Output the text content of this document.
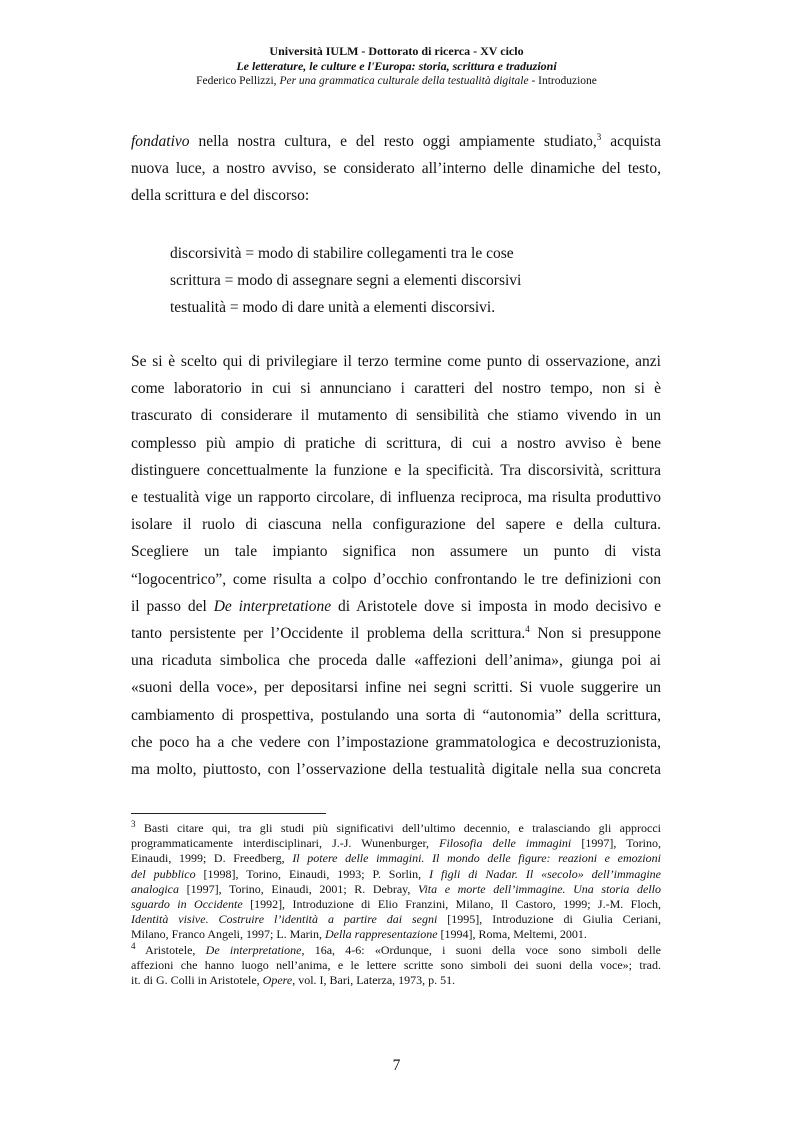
Università IULM - Dottorato di ricerca - XV ciclo
Le letterature, le culture e l'Europa: storia, scrittura e traduzioni
Federico Pellizzi, Per una grammatica culturale della testualità digitale - Introduzione
fondativo nella nostra cultura, e del resto oggi ampiamente studiato,$^3$ acquista
nuova luce, a nostro avviso, se considerato all’interno delle dinamiche del testo,
della scrittura e del discorso:
discorsività = modo di stabilire collegamenti tra le cose
scrittura = modo di assegnare segni a elementi discorsivi
testualità = modo di dare unità a elementi discorsivi.
Se si è scelto qui di privilegiare il terzo termine come punto di osservazione, anzi
come laboratorio in cui si annunciano i caratteri del nostro tempo, non si è
trascurato di considerare il mutamento di sensibilità che stiamo vivendo in un
complesso più ampio di pratiche di scrittura, di cui a nostro avviso è bene
distinguere concettualmente la funzione e la specificità. Tra discorsività, scrittura
e testualità vige un rapporto circolare, di influenza reciproca, ma risulta produttivo
isolare il ruolo di ciascuna nella configurazione del sapere e della cultura.
Scegliere un tale impianto significa non assumere un punto di vista
“logocentrico”, come risulta a colpo d’occhio confrontando le tre definizioni con
il passo del De interpretatione di Aristotele dove si imposta in modo decisivo e
tanto persistente per l’Occidente il problema della scrittura.$^4$ Non si presuppone
una ricaduta simbolica che proceda dalle «affezioni dell’anima», giunga poi ai
«suoni della voce», per depositarsi infine nei segni scritti. Si vuole suggerire un
cambiamento di prospettiva, postulando una sorta di “autonomia” della scrittura,
che poco ha a che vedere con l’impostazione grammatologica e decostruzionista,
ma molto, piuttosto, con l’osservazione della testualità digitale nella sua concreta
$^3$ Basti citare qui, tra gli studi più significativi dell’ultimo decennio, e tralasciando gli approcci
programmaticamente interdisciplinari, J.-J. Wunenburger, Filosofia delle immagini [1997], Torino,
Einaudi, 1999; D. Freedberg, Il potere delle immagini. Il mondo delle figure: reazioni e emozioni
del pubblico [1998], Torino, Einaudi, 1993; P. Sorlin, I figli di Nadar. Il «secolo» dell’immagine
analogica [1997], Torino, Einaudi, 2001; R. Debray, Vita e morte dell’immagine. Una storia dello
sguardo in Occidente [1992], Introduzione di Elio Franzini, Milano, Il Castoro, 1999; J.-M. Floch,
Identità visive. Costruire l’identità a partire dai segni [1995], Introduzione di Giulia Ceriani,
Milano, Franco Angeli, 1997; L. Marin, Della rappresentazione [1994], Roma, Meltemi, 2001.
$^4$ Aristotele, De interpretatione, 16a, 4-6: «Ordunque, i suoni della voce sono simboli delle
affezioni che hanno luogo nell’anima, e le lettere scritte sono simboli dei suoni della voce»; trad.
it. di G. Colli in Aristotele, Opere, vol. I, Bari, Laterza, 1973, p. 51.
7
